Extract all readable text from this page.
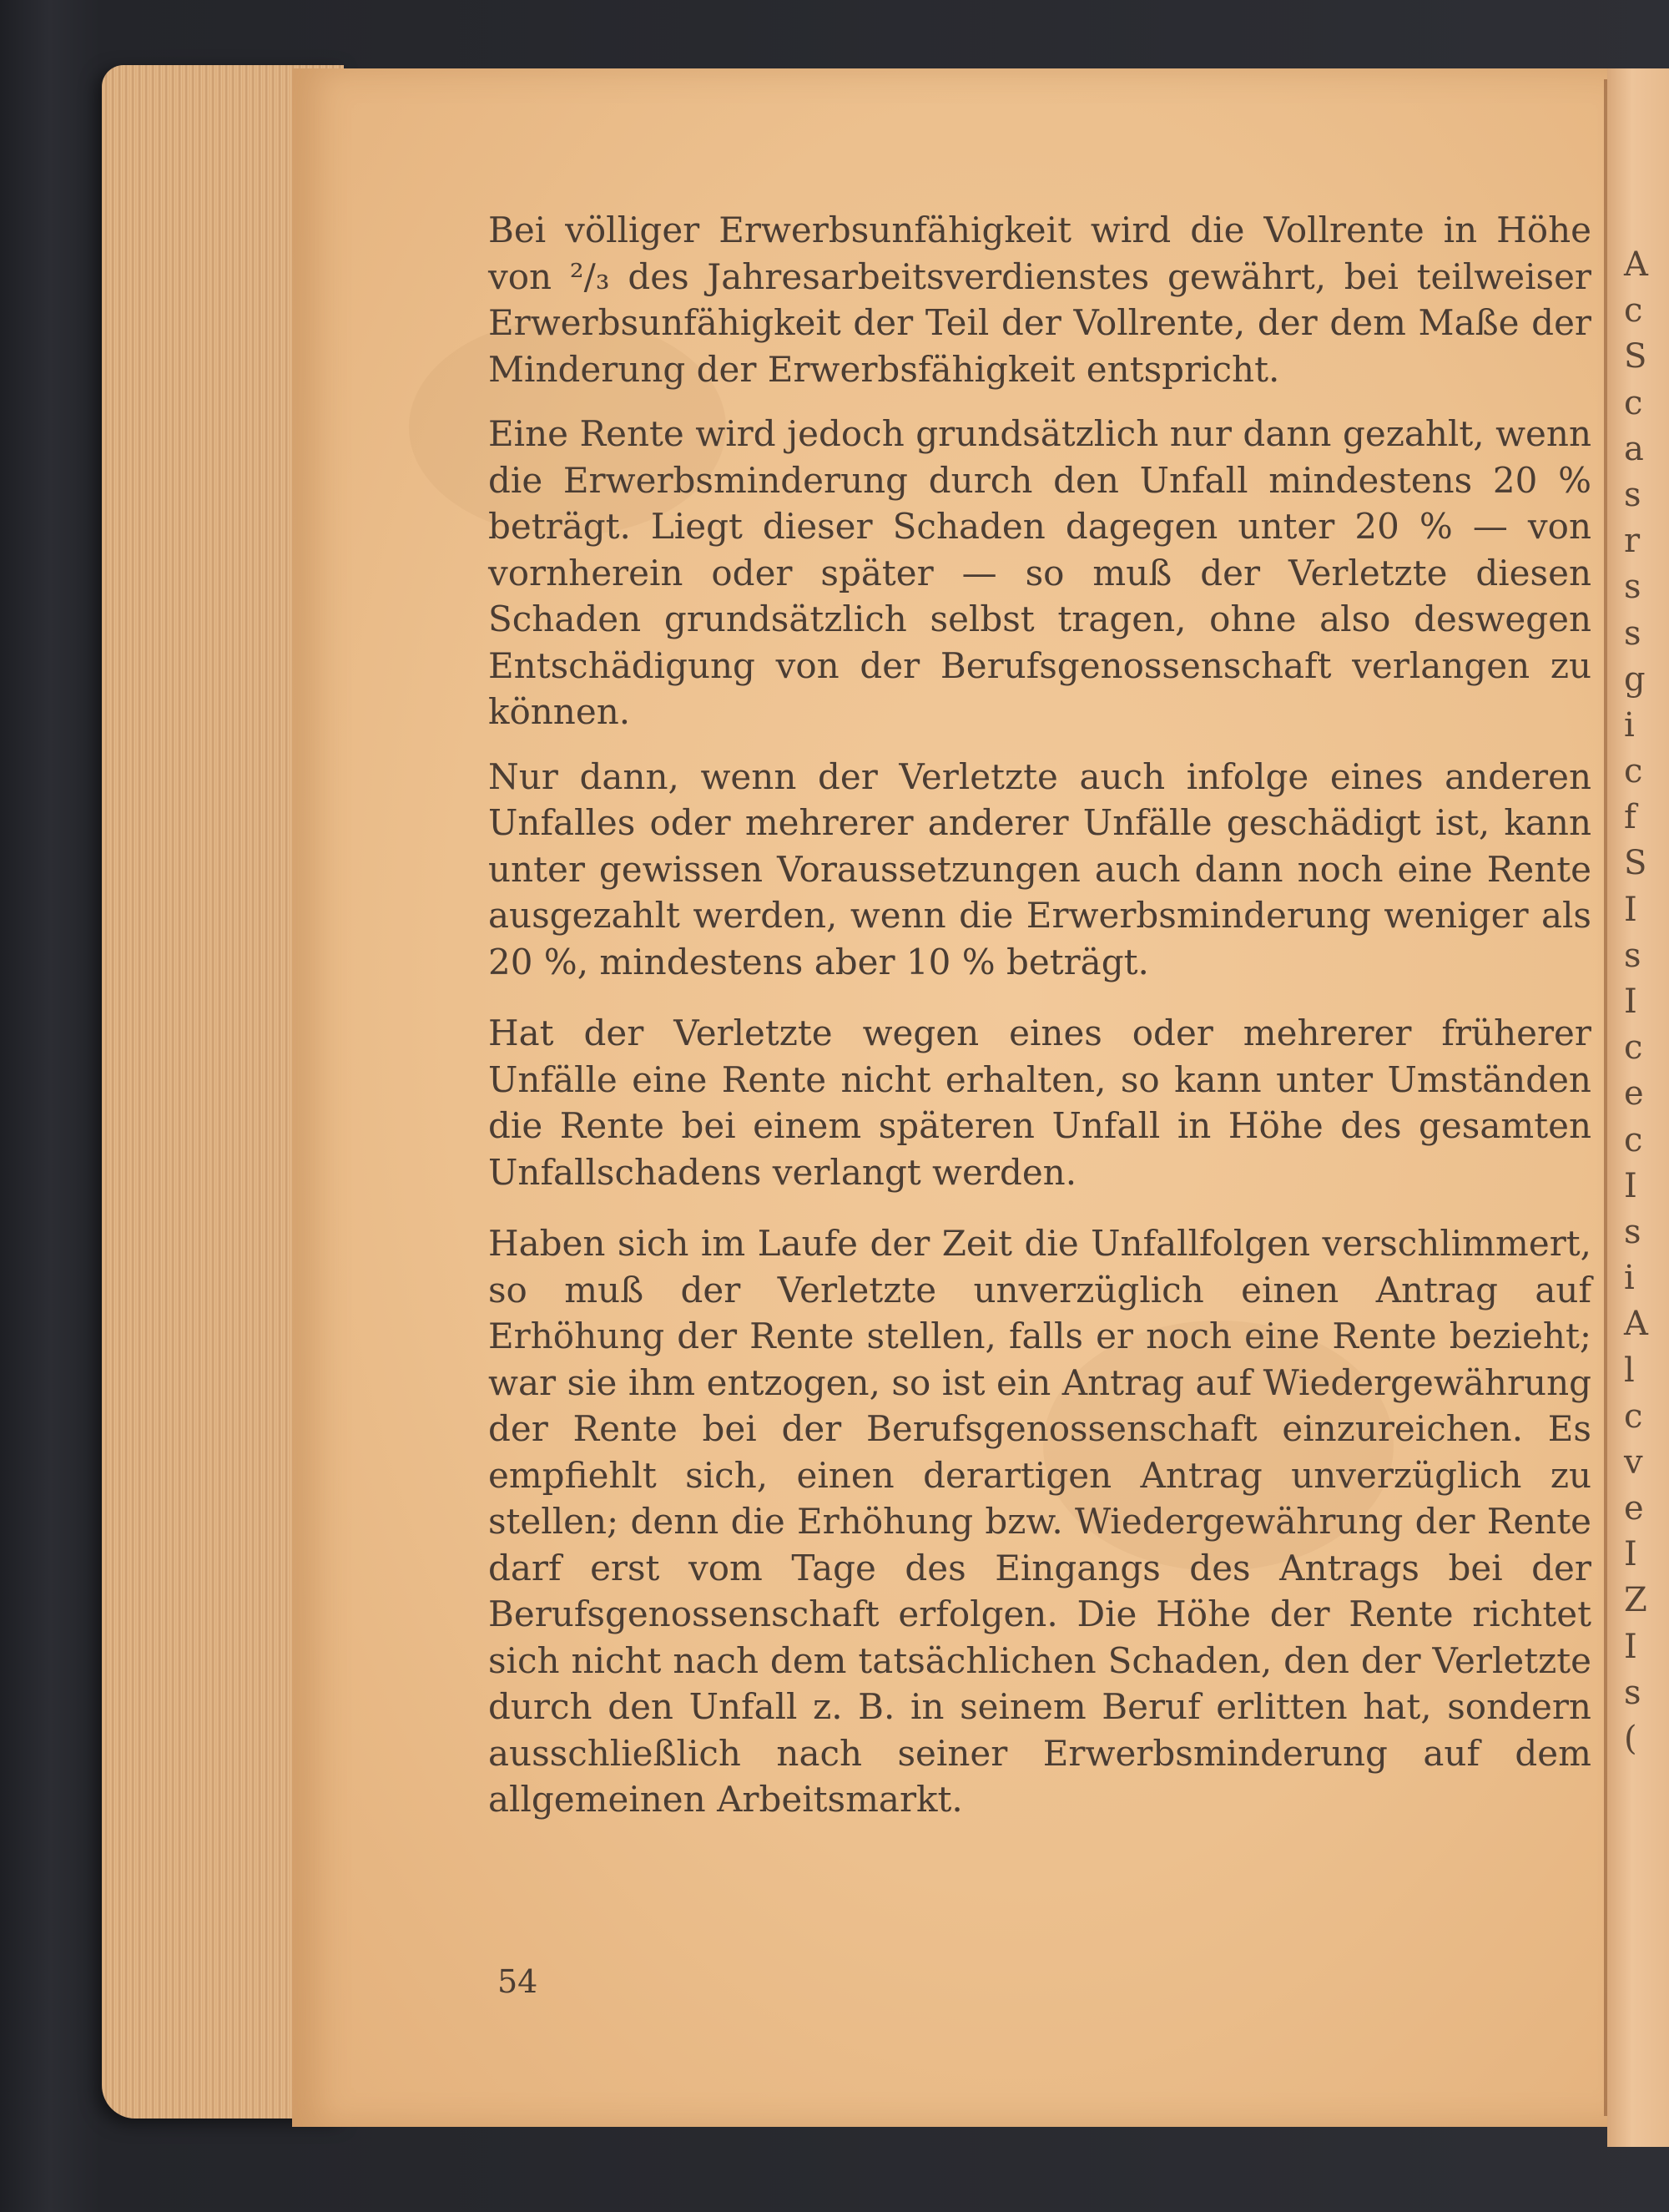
A
c
S
c
a
s
r
s
s
g
i
c
f
S
I
s
I
c
e
c
I
s
i
A
l
c
v
e
I
Z
I
s
(

Bei völliger Erwerbsunfähigkeit wird die Vollrente in Höhe von ²/₃ des Jahresarbeitsverdienstes gewährt, bei teilweiser Erwerbsunfähigkeit der Teil der Vollrente, der dem Maße der Minderung der Erwerbsfähigkeit entspricht.

Eine Rente wird jedoch grundsätzlich nur dann gezahlt, wenn die Erwerbsminderung durch den Unfall mindestens 20 % beträgt. Liegt dieser Schaden dagegen unter 20 % — von vornherein oder später — so muß der Verletzte diesen Schaden grundsätzlich selbst tragen, ohne also deswegen Entschädigung von der Berufsgenossenschaft verlangen zu können.

Nur dann, wenn der Verletzte auch infolge eines anderen Unfalles oder mehrerer anderer Unfälle geschädigt ist, kann unter gewissen Voraussetzungen auch dann noch eine Rente ausgezahlt werden, wenn die Erwerbsminderung weniger als 20 %, mindestens aber 10 % beträgt.

Hat der Verletzte wegen eines oder mehrerer früherer Unfälle eine Rente nicht erhalten, so kann unter Umständen die Rente bei einem späteren Unfall in Höhe des gesamten Unfallschadens verlangt werden.

Haben sich im Laufe der Zeit die Unfallfolgen verschlimmert, so muß der Verletzte unverzüglich einen Antrag auf Erhöhung der Rente stellen, falls er noch eine Rente bezieht; war sie ihm entzogen, so ist ein Antrag auf Wiedergewährung der Rente bei der Berufsgenossenschaft einzureichen. Es empfiehlt sich, einen derartigen Antrag unverzüglich zu stellen; denn die Erhöhung bzw. Wiedergewährung der Rente darf erst vom Tage des Eingangs des Antrags bei der Berufsgenossenschaft erfolgen. Die Höhe der Rente richtet sich nicht nach dem tatsächlichen Schaden, den der Verletzte durch den Unfall z. B. in seinem Beruf erlitten hat, sondern ausschließlich nach seiner Erwerbsminderung auf dem allgemeinen Arbeitsmarkt.

54
